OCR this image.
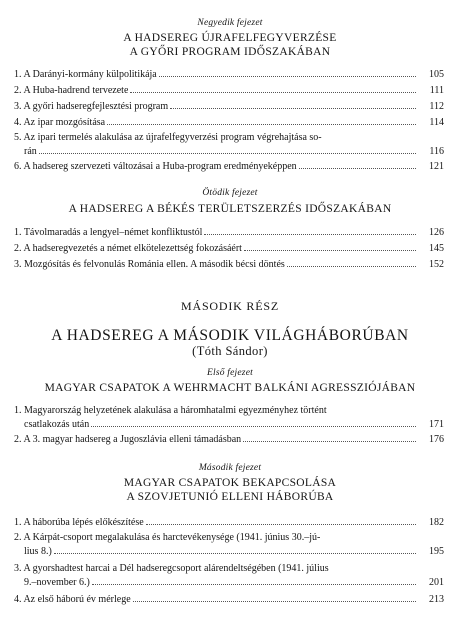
Negyedik fejezet
A HADSEREG ÚJRAFELFEGYVERZÉSE
A GYŐRI PROGRAM IDŐSZAKÁBAN
1. A Darányi-kormány külpolitikája	105
2. A Huba-hadrend tervezete	111
3. A győri hadseregfejlesztési program	112
4. Az ipar mozgósítása	114
5. Az ipari termelés alakulása az újrafelfegyverzési program végrehajtása so-
rán	116
6. A hadsereg szervezeti változásai a Huba-program eredményeképpen	121
Ötödik fejezet
A HADSEREG A BÉKÉS TERÜLETSZERZÉS IDŐSZAKÁBAN
1. Távolmaradás a lengyel–német konfliktustól	126
2. A hadseregvezetés a német elkötelezettség fokozásáért	145
3. Mozgósítás és felvonulás Románia ellen. A második bécsi döntés	152
MÁSODIK RÉSZ
A HADSEREG A MÁSODIK VILÁGHÁBORÚBAN
(Tóth Sándor)
Első fejezet
MAGYAR CSAPATOK A WEHRMACHT BALKÁNI AGRESSZIÓJÁBAN
1. Magyarország helyzetének alakulása a háromhatalmi egyezményhez történt
csatlakozás után	171
2. A 3. magyar hadsereg a Jugoszlávia elleni támadásban	176
Második fejezet
MAGYAR CSAPATOK BEKAPCSOLÁSA
A SZOVJETUNIÓ ELLENI HÁBORÚBA
1. A háborúba lépés előkészítése	182
2. A Kárpát-csoport megalakulása és harctevékenysége (1941. június 30.–jú-
lius 8.)	195
3. A gyorshadtest harcai a Dél hadseregcsoport alárendeltségében (1941. július
9.–november 6.)	201
4. Az első háború év mérlege	213
